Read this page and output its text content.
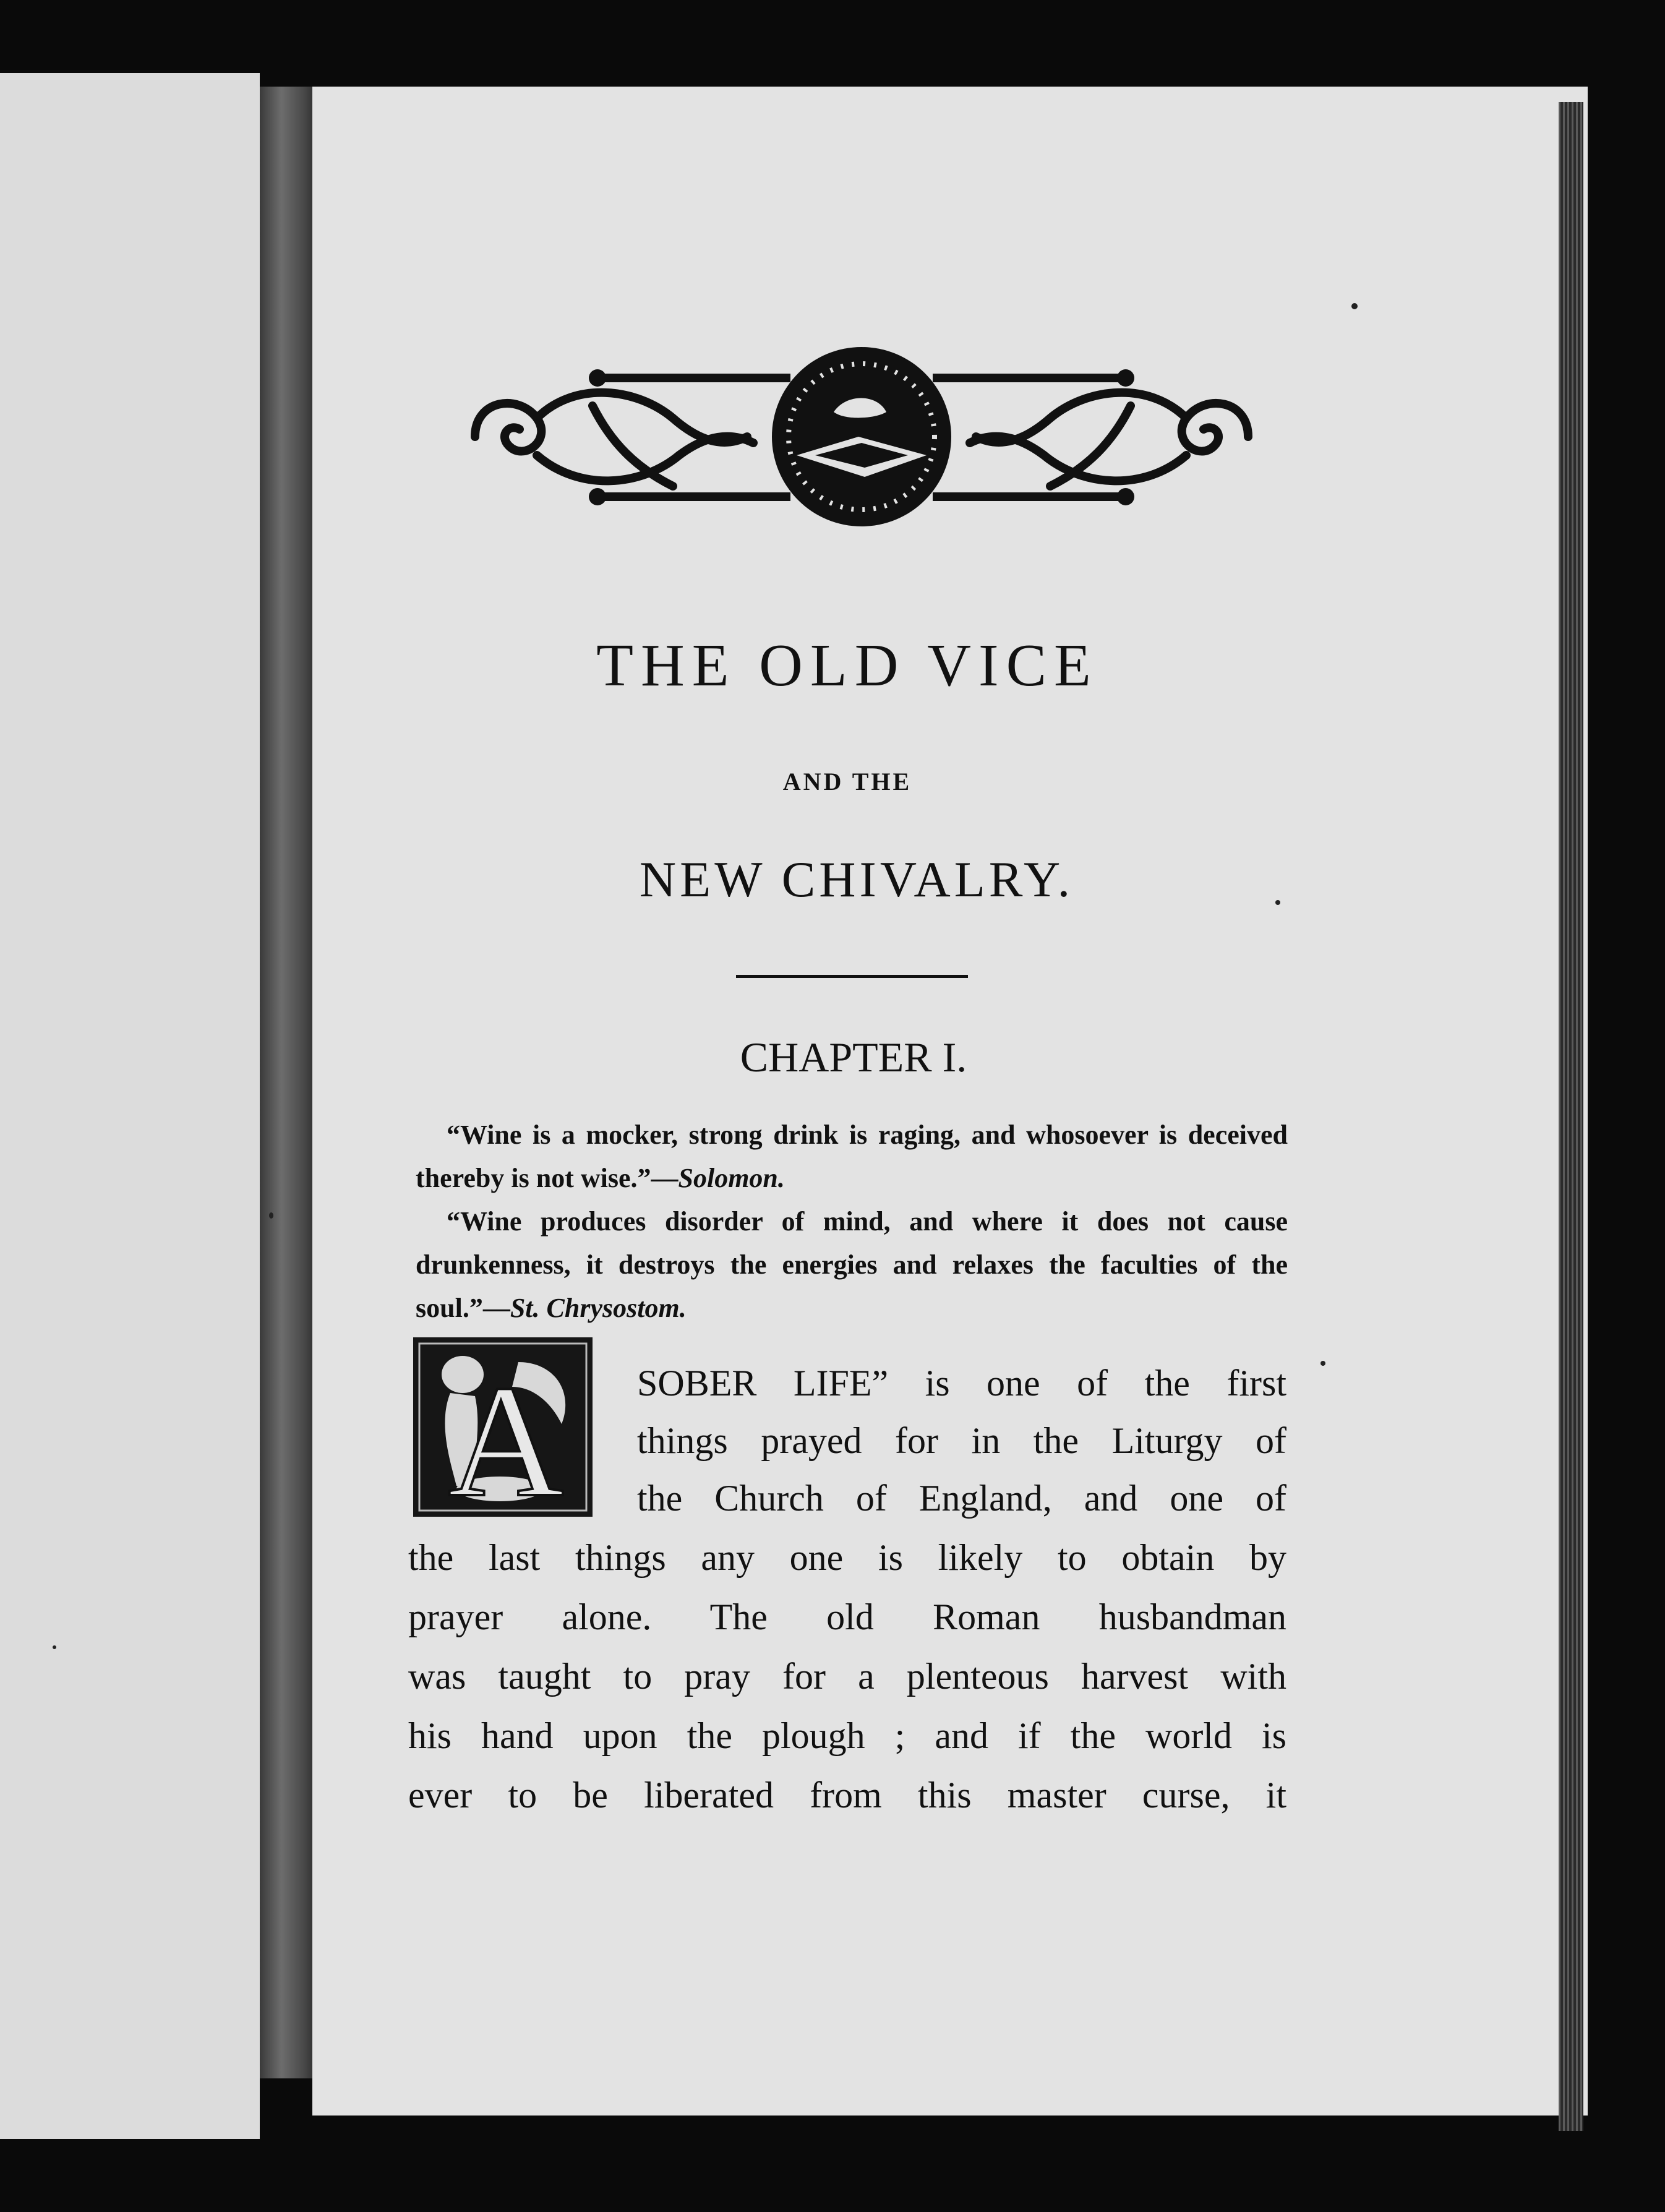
THE OLD VICE
AND THE
NEW CHIVALRY.
CHAPTER I.

“Wine is a mocker, strong drink is raging, and whosoever is deceived thereby is not wise.”—Solomon.

“Wine produces disorder of mind, and where it does not cause drunkenness, it destroys the energies and relaxes the faculties of the soul.”—St. Chrysostom.

A SOBER LIFE” is one of the first
things prayed for in the Liturgy of
the Church of England, and one of
the last things any one is likely to obtain by
prayer alone. The old Roman husbandman
was taught to pray for a plenteous harvest with
his hand upon the plough ; and if the world is
ever to be liberated from this master curse, it
